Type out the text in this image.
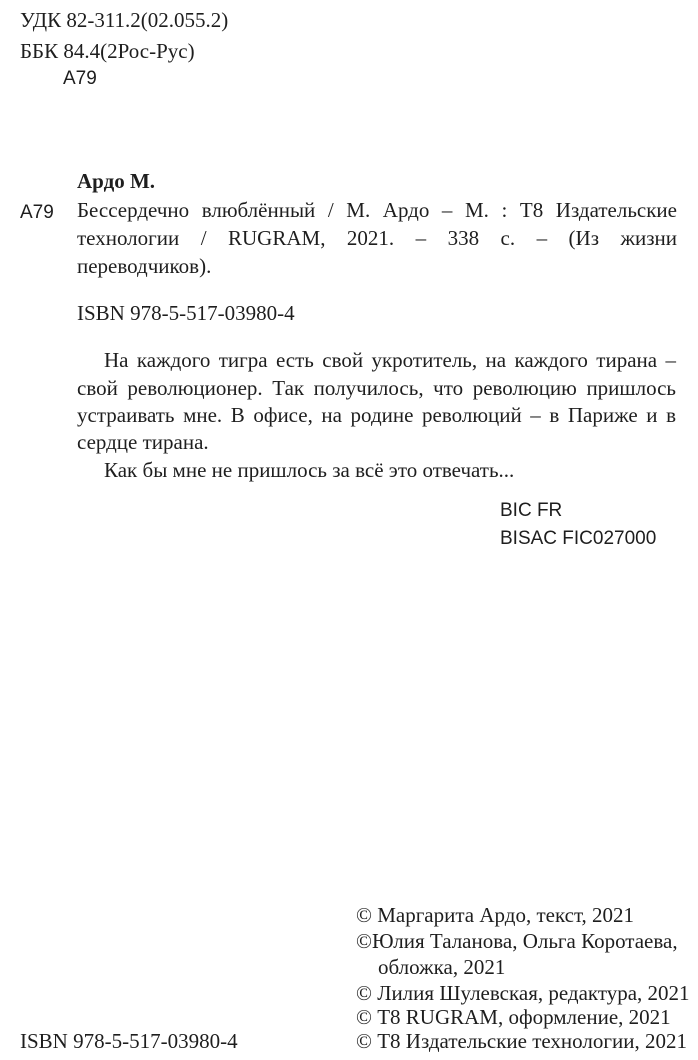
УДК 82-311.2(02.055.2)
ББК 84.4(2Рос-Рус)
А79
Ардо М.
А79 Бессердечно влюблённый / М. Ардо – М. : Т8 Издательские
технологии / RUGRAM, 2021. – 338 с. – (Из жизни
переводчиков).
ISBN 978-5-517-03980-4
На каждого тигра есть свой укротитель, на каждого тирана –
свой революционер. Так получилось, что революцию пришлось
устраивать мне. В офисе, на родине революций – в Париже и в
сердце тирана.
Как бы мне не пришлось за всё это отвечать...
BIC FR
BISAC FIC027000
© Маргарита Ардо, текст, 2021
©Юлия Таланова, Ольга Коротаева,
обложка, 2021
© Лилия Шулевская, редактура, 2021
© Т8 RUGRAM, оформление, 2021
ISBN 978-5-517-03980-4	© Т8 Издательские технологии, 2021
